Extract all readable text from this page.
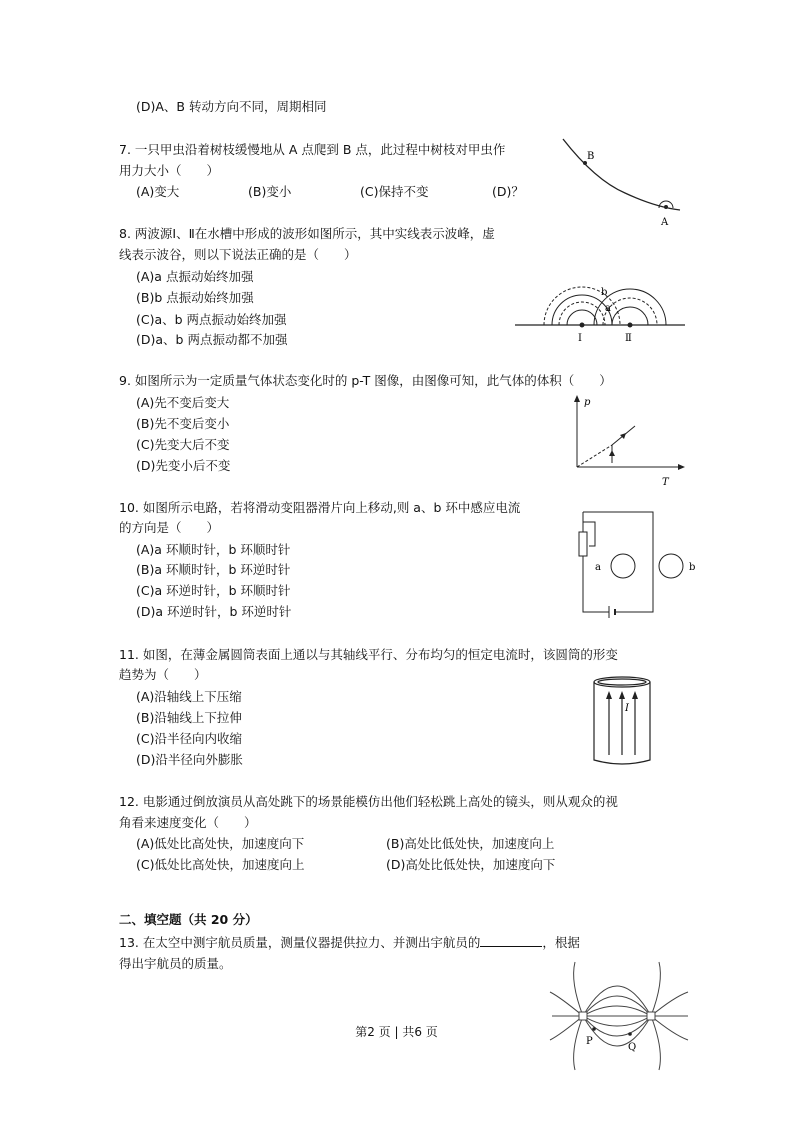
(D)A、B 转动方向不同，周期相同
7. 一只甲虫沿着树枝缓慢地从 A 点爬到 B 点，此过程中树枝对甲虫作
用力大小（　　）
(A)变大	(B)变小	(C)保持不变	(D)？
B
A
8. 两波源Ⅰ、Ⅱ在水槽中形成的波形如图所示，其中实线表示波峰，虚
线表示波谷，则以下说法正确的是（　　）
(A)a 点振动始终加强
(B)b 点振动始终加强
(C)a、b 两点振动始终加强
(D)a、b 两点振动都不加强	Ⅰ	Ⅱ
b
a
9. 如图所示为一定质量气体状态变化时的 p-T 图像，由图像可知，此气体的体积（　　）
(A)先不变后变大
(B)先不变后变小
(C)先变大后不变
(D)先变小后不变
p
T
10. 如图所示电路，若将滑动变阻器滑片向上移动,则 a、b 环中感应电流
的方向是（　　）
(A)a 环顺时针，b 环顺时针
(B)a 环顺时针，b 环逆时针
(C)a 环逆时针，b 环顺时针
(D)a 环逆时针，b 环逆时针
a	b
11. 如图，在薄金属圆筒表面上通以与其轴线平行、分布均匀的恒定电流时，该圆筒的形变
趋势为（　　）
(A)沿轴线上下压缩
(B)沿轴线上下拉伸
(C)沿半径向内收缩
(D)沿半径向外膨胀
I
12. 电影通过倒放演员从高处跳下的场景能模仿出他们轻松跳上高处的镜头，则从观众的视
角看来速度变化（　　）
(A)低处比高处快，加速度向下	(B)高处比低处快，加速度向上
(C)低处比高处快，加速度向上	(D)高处比低处快，加速度向下
二、填空题（共 20 分）
13. 在太空中测宇航员质量，测量仪器提供拉力、并测出宇航员的	，根据
得出宇航员的质量。
P
Q
第2 页 | 共6 页
